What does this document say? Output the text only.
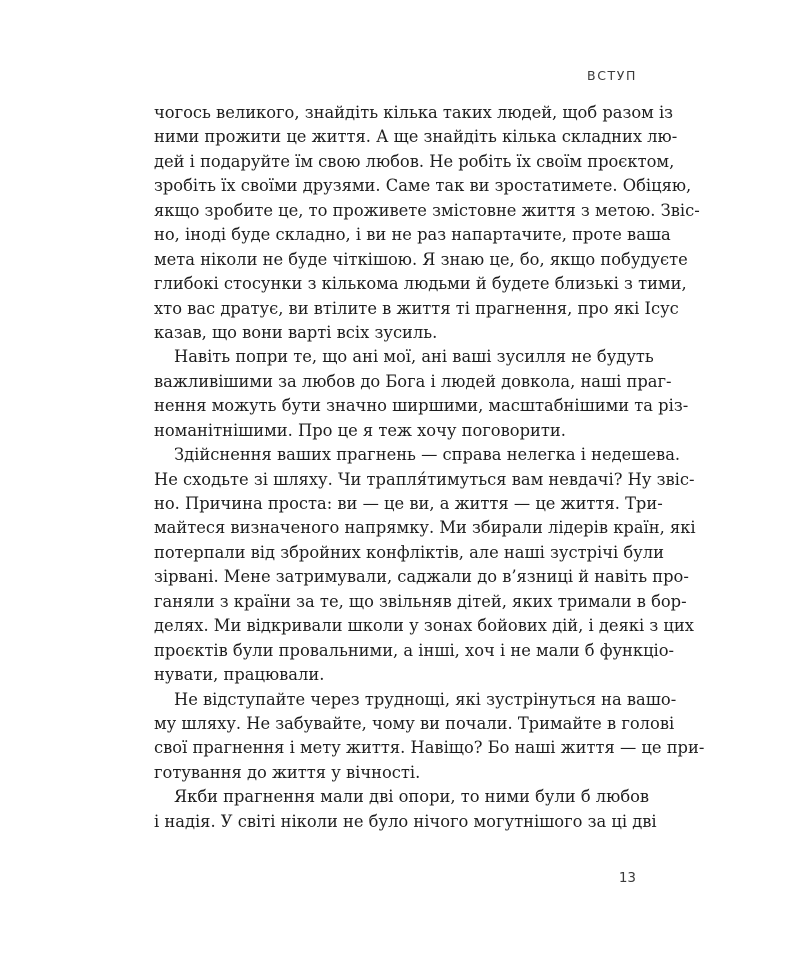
ВСТУП
чогось великого, знайдіть кілька таких людей, щоб разом із
ними прожити це життя. А ще знайдіть кілька складних лю-
дей і подаруйте їм свою любов. Не робіть їх своїм проєктом,
зробіть їх своїми друзями. Саме так ви зростатимете. Обіцяю,
якщо зробите це, то проживете змістовне життя з метою. Звіс-
но, іноді буде складно, і ви не раз напартачите, проте ваша
мета ніколи не буде чіткішою. Я знаю це, бо, якщо побудуєте
глибокі стосунки з кількома людьми й будете близькі з тими,
хто вас дратує, ви втілите в життя ті прагнення, про які Ісус
казав, що вони варті всіх зусиль.
Навіть попри те, що ані мої, ані ваші зусилля не будуть
важливішими за любов до Бога і людей довкола, наші праг-
нення можуть бути значно ширшими, масштабнішими та різ-
номанітнішими. Про це я теж хочу поговорити.
Здійснення ваших прагнень — справа нелегка і недешева.
Не сходьте зі шляху. Чи трапля́тимуться вам невдачі? Ну звіс-
но. Причина проста: ви — це ви, а життя — це життя. Три-
майтеся визначеного напрямку. Ми збирали лідерів країн, які
потерпали від збройних конфліктів, але наші зустрічі були
зірвані. Мене затримували, саджали до в’язниці й навіть про-
ганяли з країни за те, що звільняв дітей, яких тримали в бор-
делях. Ми відкривали школи у зонах бойових дій, і деякі з цих
проєктів були провальними, а інші, хоч і не мали б функціо-
нувати, працювали.
Не відступайте через труднощі, які зустрінуться на вашо-
му шляху. Не забувайте, чому ви почали. Тримайте в голові
свої прагнення і мету життя. Навіщо? Бо наші життя — це при-
готування до життя у вічності.
Якби прагнення мали дві опори, то ними були б любов
і надія. У світі ніколи не було нічого могутнішого за ці дві
13
